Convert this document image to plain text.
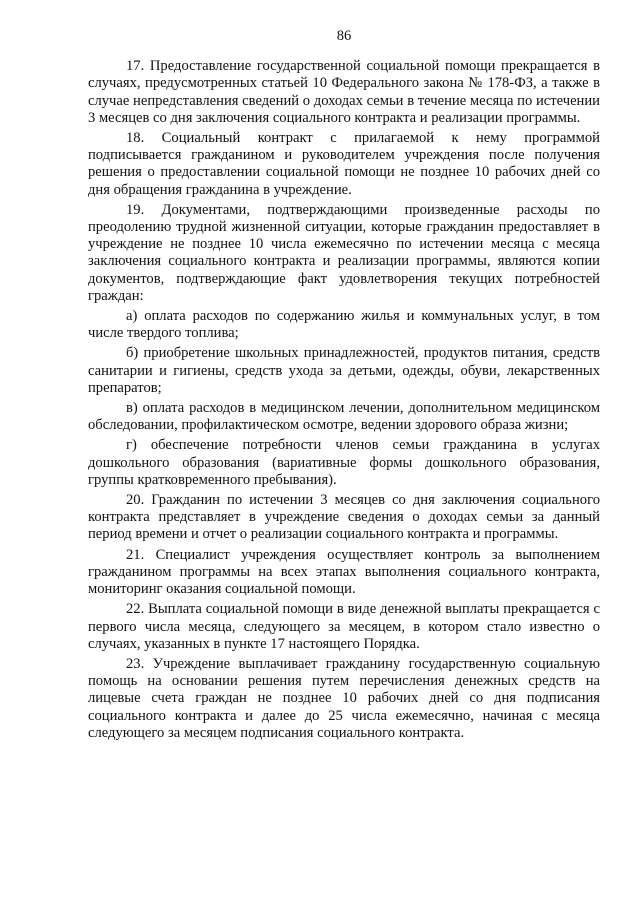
86

17. Предоставление государственной социальной помощи прекращается в случаях, предусмотренных статьей 10 Федерального закона № 178-ФЗ, а также в случае непредставления сведений о доходах семьи в течение месяца по истечении 3 месяцев со дня заключения социального контракта и реализации программы.

18. Социальный контракт с прилагаемой к нему программой подписывается гражданином и руководителем учреждения после получения решения о предоставлении социальной помощи не позднее 10 рабочих дней со дня обращения гражданина в учреждение.

19. Документами, подтверждающими произведенные расходы по преодолению трудной жизненной ситуации, которые гражданин предоставляет в учреждение не позднее 10 числа ежемесячно по истечении месяца с месяца заключения социального контракта и реализации программы, являются копии документов, подтверждающие факт удовлетворения текущих потребностей граждан:

а) оплата расходов по содержанию жилья и коммунальных услуг, в том числе твердого топлива;

б) приобретение школьных принадлежностей, продуктов питания, средств санитарии и гигиены, средств ухода за детьми, одежды, обуви, лекарственных препаратов;

в) оплата расходов в медицинском лечении, дополнительном медицинском обследовании, профилактическом осмотре, ведении здорового образа жизни;

г) обеспечение потребности членов семьи гражданина в услугах дошкольного образования (вариативные формы дошкольного образования, группы кратковременного пребывания).

20. Гражданин по истечении 3 месяцев со дня заключения социального контракта представляет в учреждение сведения о доходах семьи за данный период времени и отчет о реализации социального контракта и программы.

21. Специалист учреждения осуществляет контроль за выполнением гражданином программы на всех этапах выполнения социального контракта, мониторинг оказания социальной помощи.

22. Выплата социальной помощи в виде денежной выплаты прекращается с первого числа месяца, следующего за месяцем, в котором стало известно о случаях, указанных в пункте 17 настоящего Порядка.

23. Учреждение выплачивает гражданину государственную социальную помощь на основании решения путем перечисления денежных средств на лицевые счета граждан не позднее 10 рабочих дней со дня подписания социального контракта и далее до 25 числа ежемесячно, начиная с месяца следующего за месяцем подписания социального контракта.
